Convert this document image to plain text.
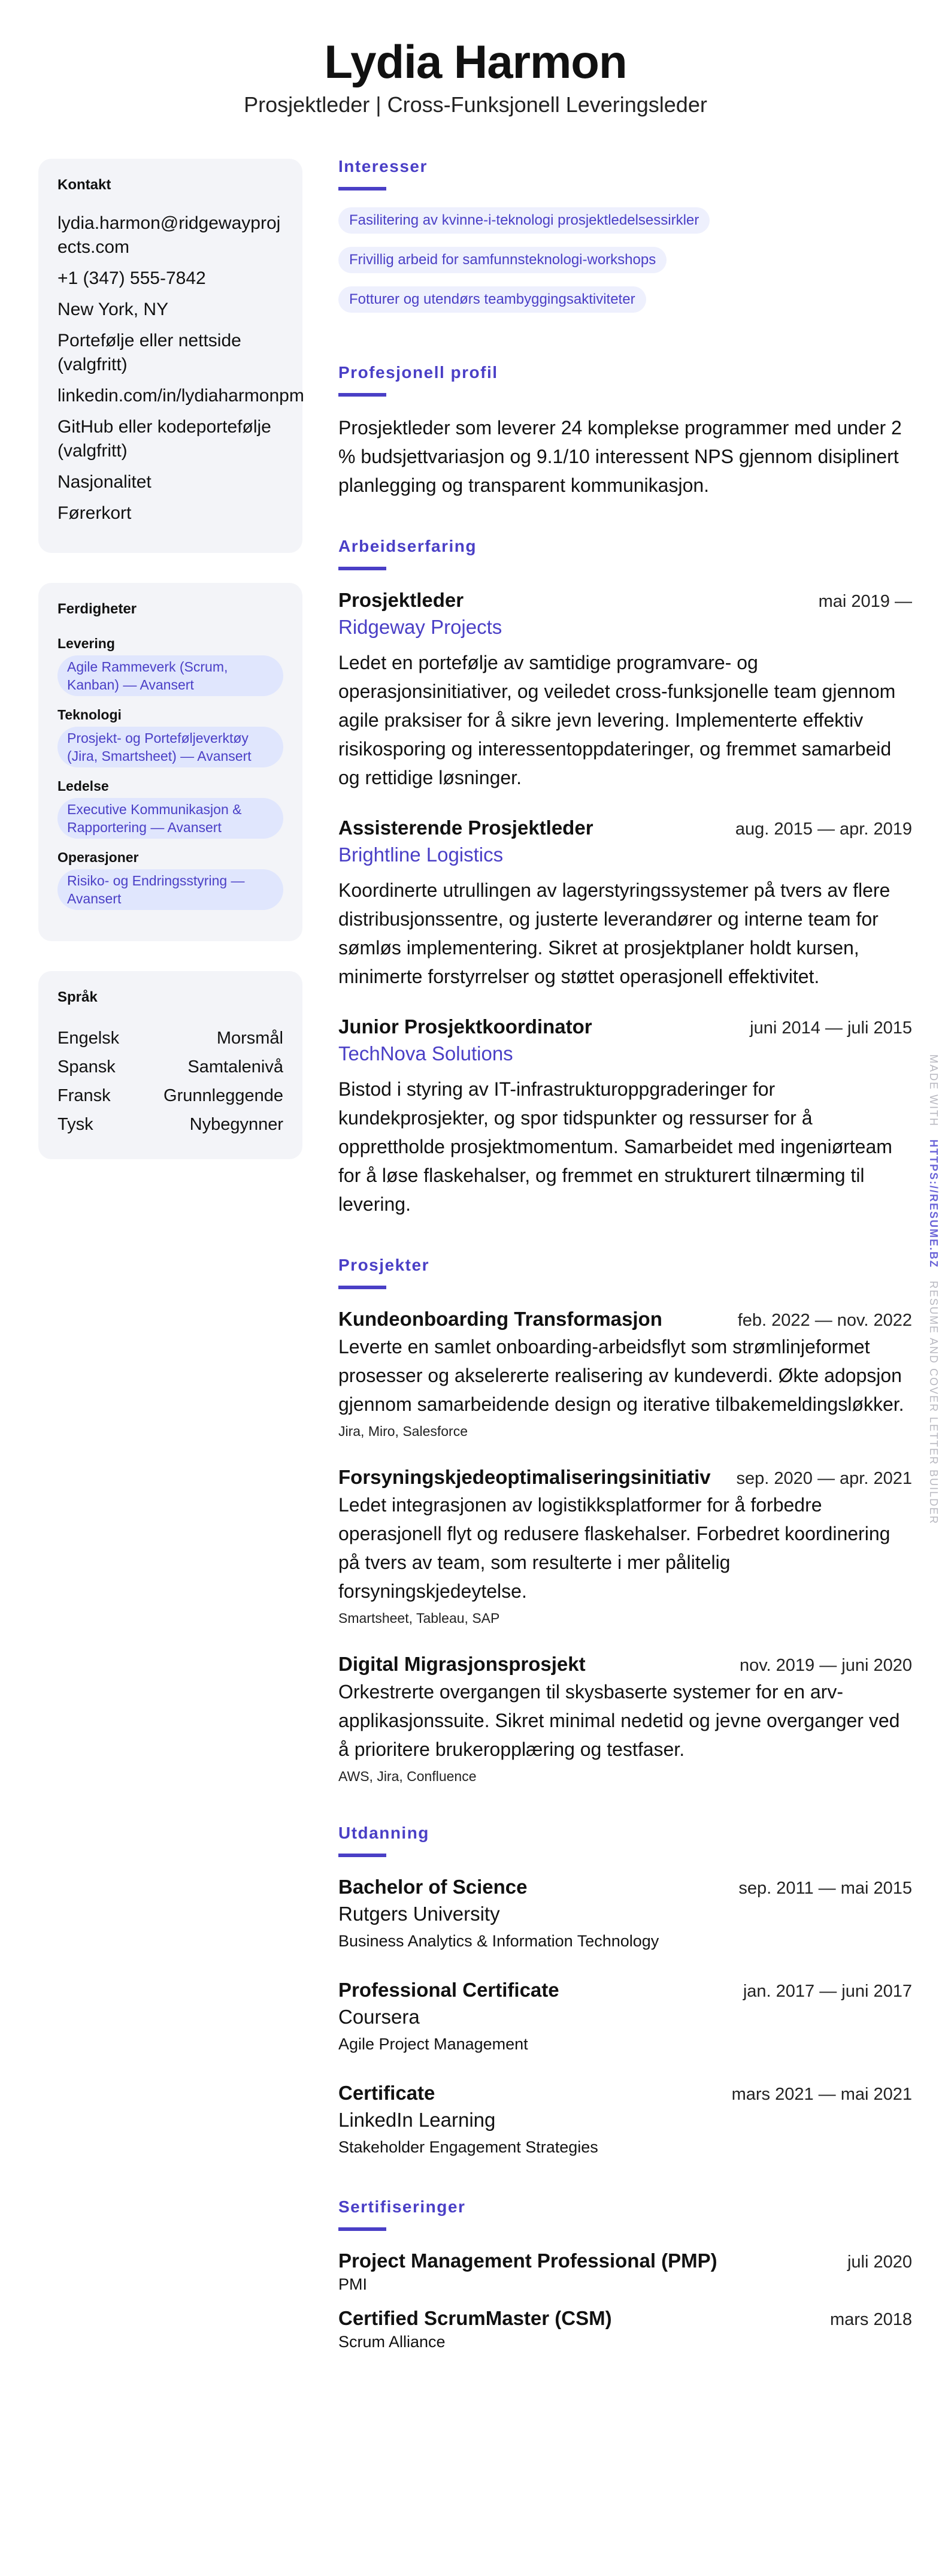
Lydia Harmon
Prosjektleder | Cross-Funksjonell Leveringsleder
Kontakt
lydia.harmon@ridgewayprojects.com
+1 (347) 555-7842
New York, NY
Portefølje eller nettside (valgfritt)
linkedin.com/in/lydiaharmonpm
GitHub eller kodeportefølje (valgfritt)
Nasjonalitet
Førerkort
Ferdigheter
Levering
Agile Rammeverk (Scrum, Kanban) — Avansert
Teknologi
Prosjekt- og Porteføljeverktøy (Jira, Smartsheet) — Avansert
Ledelse
Executive Kommunikasjon & Rapportering — Avansert
Operasjoner
Risiko- og Endringsstyring — Avansert
Språk
Engelsk	Morsmål
Spansk	Samtalenivå
Fransk	Grunnleggende
Tysk	Nybegynner
Interesser
Fasilitering av kvinne-i-teknologi prosjektledelsessirkler
Frivillig arbeid for samfunnsteknologi-workshops
Fotturer og utendørs teambyggingsaktiviteter
Profesjonell profil

Prosjektleder som leverer 24 komplekse programmer med under 2 % budsjettvariasjon og 9.1/10 interessent NPS gjennom disiplinert planlegging og transparent kommunikasjon.

Arbeidserfaring
Prosjektleder	mai 2019 —
Ridgeway Projects

Ledet en portefølje av samtidige programvare- og operasjonsinitiativer, og veiledet cross-funksjonelle team gjennom agile praksiser for å sikre jevn levering. Implementerte effektiv risikosporing og interessentoppdateringer, og fremmet samarbeid og rettidige løsninger.

Assisterende Prosjektleder	aug. 2015 — apr. 2019
Brightline Logistics

Koordinerte utrullingen av lagerstyringssystemer på tvers av flere distribusjonssentre, og justerte leverandører og interne team for sømløs implementering. Sikret at prosjektplaner holdt kursen, minimerte forstyrrelser og støttet operasjonell effektivitet.

Junior Prosjektkoordinator	juni 2014 — juli 2015
TechNova Solutions

Bistod i styring av IT-infrastrukturoppgraderinger for kundekprosjekter, og spor tidspunkter og ressurser for å opprettholde prosjektmomentum. Samarbeidet med ingeniørteam for å løse flaskehalser, og fremmet en strukturert tilnærming til levering.

Prosjekter
Kundeonboarding Transformasjon	feb. 2022 — nov. 2022

Leverte en samlet onboarding-arbeidsflyt som strømlinjeformet prosesser og akselererte realisering av kundeverdi. Økte adopsjon gjennom samarbeidende design og iterative tilbakemeldingsløkker.

Jira, Miro, Salesforce
Forsyningskjedeoptimaliseringsinitiativ sep. 2020 — apr. 2021

Ledet integrasjonen av logistikksplatformer for å forbedre operasjonell flyt og redusere flaskehalser. Forbedret koordinering på tvers av team, som resulterte i mer pålitelig forsyningskjedeytelse.

Smartsheet, Tableau, SAP
Digital Migrasjonsprosjekt	nov. 2019 — juni 2020

Orkestrerte overgangen til skysbaserte systemer for en arv-applikasjonssuite. Sikret minimal nedetid og jevne overganger ved å prioritere brukeropplæring og testfaser.

AWS, Jira, Confluence
Utdanning
Bachelor of Science	sep. 2011 — mai 2015
Rutgers University
Business Analytics & Information Technology
Professional Certificate	jan. 2017 — juni 2017
Coursera
Agile Project Management
Certificate	mars 2021 — mai 2021
LinkedIn Learning
Stakeholder Engagement Strategies
Sertifiseringer
Project Management Professional (PMP)	juli 2020
PMI
Certified ScrumMaster (CSM)	mars 2018
Scrum Alliance
MADE WITH   HTTPS://RESUME.BZ   RESUME AND COVER LETTER BUILDER
